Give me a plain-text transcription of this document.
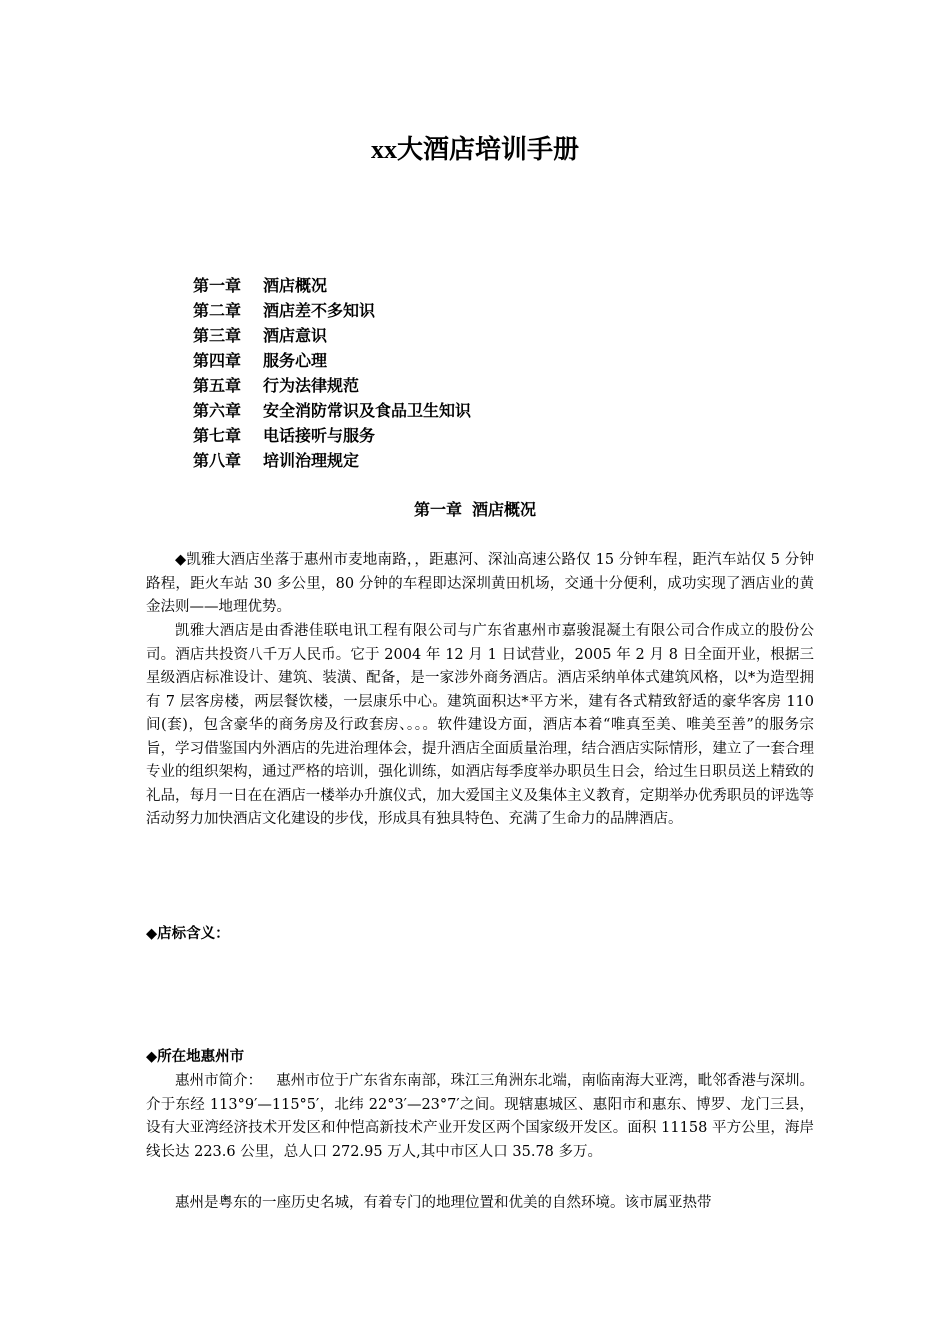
xx大酒店培训手册
第一章 酒店概况
第二章 酒店差不多知识
第三章 酒店意识
第四章 服务心理
第五章 行为法律规范
第六章 安全消防常识及食品卫生知识
第七章 电话接听与服务
第八章 培训治理规定
第一章 酒店概况

◆凯雅大酒店坐落于惠州市麦地南路，，距惠河、深汕高速公路仅 15 分钟车程，距汽车站仅 5 分钟路程，距火车站 30 多公里，80 分钟的车程即达深圳黄田机场，交通十分便利，成功实现了酒店业的黄金法则——地理优势。

凯雅大酒店是由香港佳联电讯工程有限公司与广东省惠州市嘉骏混凝土有限公司合作成立的股份公司。酒店共投资八千万人民币。它于 2004 年 12 月 1 日试营业，2005 年 2 月 8 日全面开业，根据三星级酒店标准设计、建筑、装潢、配备，是一家涉外商务酒店。酒店采纳单体式建筑风格，以*为造型拥有 7 层客房楼，两层餐饮楼，一层康乐中心。建筑面积达*平方米，建有各式精致舒适的豪华客房 110 间(套)，包含豪华的商务房及行政套房、。。。软件建设方面，酒店本着“唯真至美、唯美至善”的服务宗旨，学习借鉴国内外酒店的先进治理体会，提升酒店全面质量治理，结合酒店实际情形，建立了一套合理专业的组织架构，通过严格的培训，强化训练，如酒店每季度举办职员生日会，给过生日职员送上精致的礼品，每月一日在在酒店一楼举办升旗仪式，加大爱国主义及集体主义教育，定期举办优秀职员的评选等活动努力加快酒店文化建设的步伐，形成具有独具特色、充满了生命力的品牌酒店。

◆店标含义：

◆所在地惠州市

惠州市简介： 惠州市位于广东省东南部，珠江三角洲东北端，南临南海大亚湾，毗邻香港与深圳。介于东经 113°9′—115°5′，北纬 22°3′—23°7′之间。现辖惠城区、惠阳市和惠东、博罗、龙门三县，设有大亚湾经济技术开发区和仲恺高新技术产业开发区两个国家级开发区。面积 11158 平方公里，海岸线长达 223.6 公里，总人口 272.95 万人,其中市区人口 35.78 多万。

惠州是粤东的一座历史名城，有着专门的地理位置和优美的自然环境。该市属亚热带
